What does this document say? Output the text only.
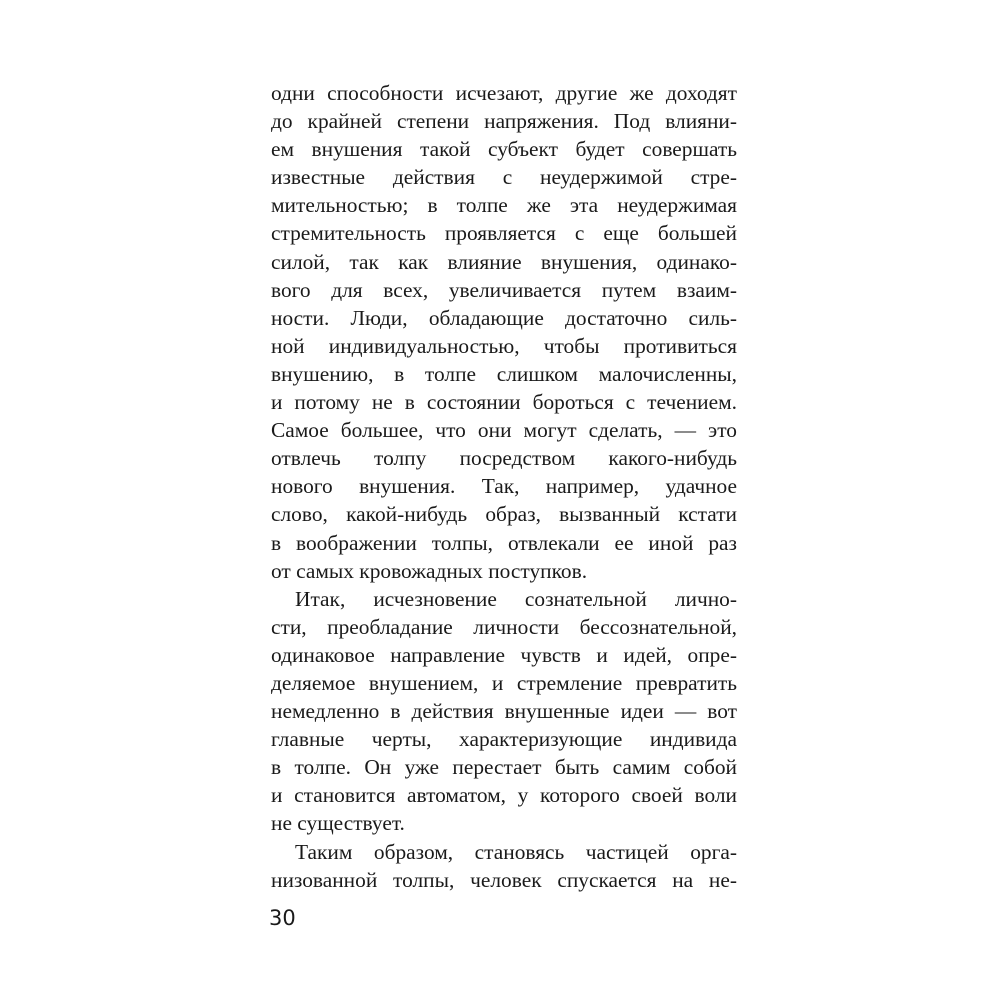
одни способности исчезают, другие же доходят
до крайней степени напряжения. Под влияни-
ем внушения такой субъект будет совершать
известные действия с неудержимой стре-
мительностью; в толпе же эта неудержимая
стремительность проявляется с еще большей
силой, так как влияние внушения, одинако-
вого для всех, увеличивается путем взаим-
ности. Люди, обладающие достаточно силь-
ной индивидуальностью, чтобы противиться
внушению, в толпе слишком малочисленны,
и потому не в состоянии бороться с течением.
Самое большее, что они могут сделать, — это
отвлечь толпу посредством какого-нибудь
нового внушения. Так, например, удачное
слово, какой-нибудь образ, вызванный кстати
в воображении толпы, отвлекали ее иной раз
от самых кровожадных поступков.
Итак, исчезновение сознательной лично-
сти, преобладание личности бессознательной,
одинаковое направление чувств и идей, опре-
деляемое внушением, и стремление превратить
немедленно в действия внушенные идеи — вот
главные черты, характеризующие индивида
в толпе. Он уже перестает быть самим собой
и становится автоматом, у которого своей воли
не существует.
Таким образом, становясь частицей орга-
низованной толпы, человек спускается на не-
30
